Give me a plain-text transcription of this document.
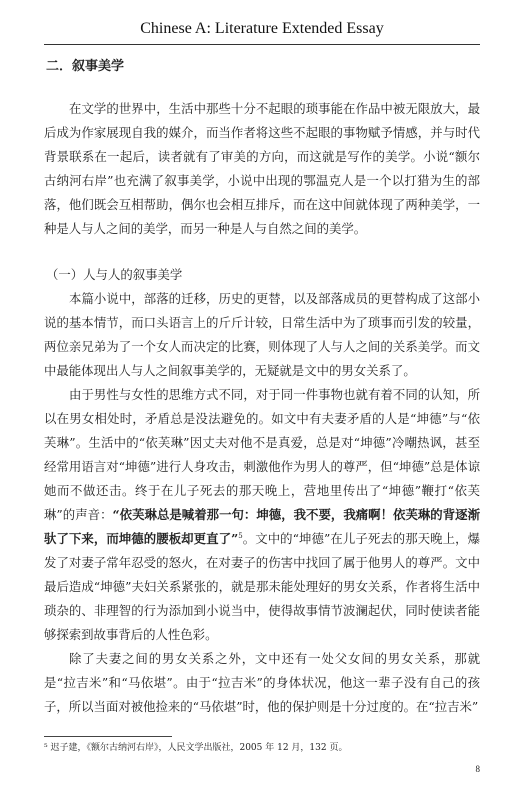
Chinese A: Literature Extended Essay
二．叙事美学

在文学的世界中，生活中那些十分不起眼的琐事能在作品中被无限放大，最后成为作家展现自我的媒介，而当作者将这些不起眼的事物赋予情感，并与时代背景联系在一起后，读者就有了审美的方向，而这就是写作的美学。小说“额尔古纳河右岸”也充满了叙事美学，小说中出现的鄂温克人是一个以打猎为生的部落，他们既会互相帮助，偶尔也会相互排斥，而在这中间就体现了两种美学，一种是人与人之间的美学，而另一种是人与自然之间的美学。

（一）人与人的叙事美学

本篇小说中，部落的迁移，历史的更替，以及部落成员的更替构成了这部小说的基本情节，而口头语言上的斤斤计较，日常生活中为了琐事而引发的较量，两位亲兄弟为了一个女人而决定的比赛，则体现了人与人之间的关系美学。而文中最能体现出人与人之间叙事美学的，无疑就是文中的男女关系了。

由于男性与女性的思维方式不同，对于同一件事物也就有着不同的认知，所以在男女相处时，矛盾总是没法避免的。如文中有夫妻矛盾的人是“坤德”与“依芙琳”。生活中的“依芙琳”因丈夫对他不是真爱，总是对“坤德”冷嘲热讽，甚至经常用语言对“坤德”进行人身攻击，刺激他作为男人的尊严，但“坤德”总是体谅她而不做还击。终于在儿子死去的那天晚上，营地里传出了“坤德”鞭打“依芙琳”的声音：“依芙琳总是喊着那一句：坤德，我不要，我痛啊！依芙琳的背逐渐驮了下来，而坤德的腰板却更直了”$^5$。文中的“坤德”在儿子死去的那天晚上，爆发了对妻子常年忍受的怒火，在对妻子的伤害中找回了属于他男人的尊严。文中最后造成“坤德”夫妇关系紧张的，就是那未能处理好的男女关系，作者将生活中琐杂的、非理智的行为添加到小说当中，使得故事情节波澜起伏，同时使读者能够探索到故事背后的人性色彩。

除了夫妻之间的男女关系之外，文中还有一处父女间的男女关系，那就是“拉吉米”和“马依堪”。由于“拉吉米”的身体状况，他这一辈子没有自己的孩子，所以当面对被他捡来的“马依堪”时，他的保护则是十分过度的。在“拉吉米”

⁵ 迟子建，《额尔古纳河右岸》，人民文学出版社，2005 年 12 月，132 页。
8
